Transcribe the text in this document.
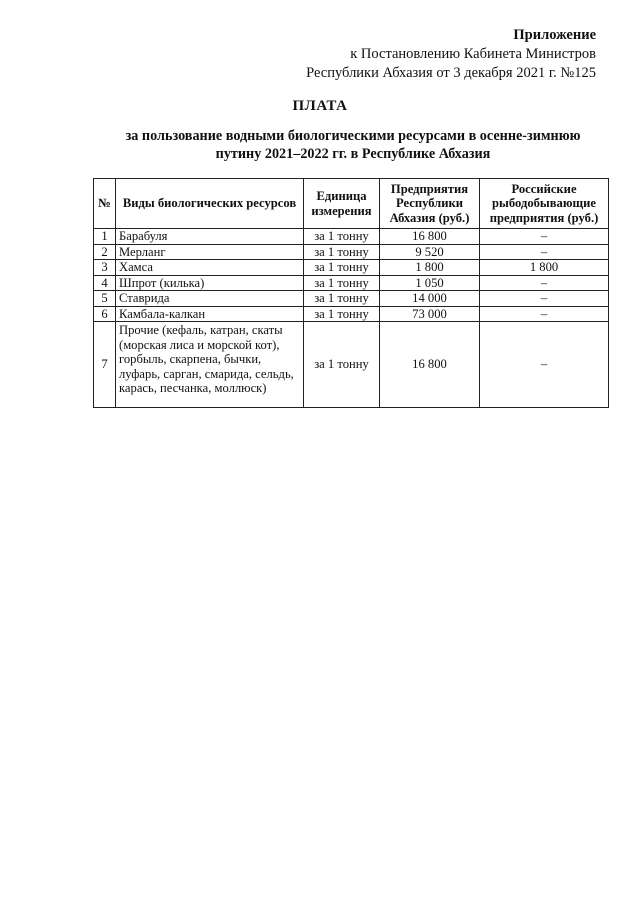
Приложение
к Постановлению Кабинета Министров
Республики Абхазия от 3 декабря 2021 г. №125
ПЛАТА
за пользование водными биологическими ресурсами в осенне-зимнюю
путину 2021–2022 гг. в Республике Абхазия
№	Виды биологических ресурсов	Единица измерения	Предприятия Республики Абхазия (руб.)	Российские рыбодобывающие предприятия (руб.)
1	Барабуля	за 1 тонну	16 800	–
2	Мерланг	за 1 тонну	9 520	–
3	Хамса	за 1 тонну	1 800	1 800
4	Шпрот (килька)	за 1 тонну	1 050	–
5	Ставрида	за 1 тонну	14 000	–
6	Камбала-калкан	за 1 тонну	73 000	–
7	Прочие (кефаль, катран, скаты (морская лиса и морской кот), горбыль, скарпена, бычки, луфарь, сарган, смарида, сельдь, карась, песчанка, моллюск)	за 1 тонну	16 800	–
